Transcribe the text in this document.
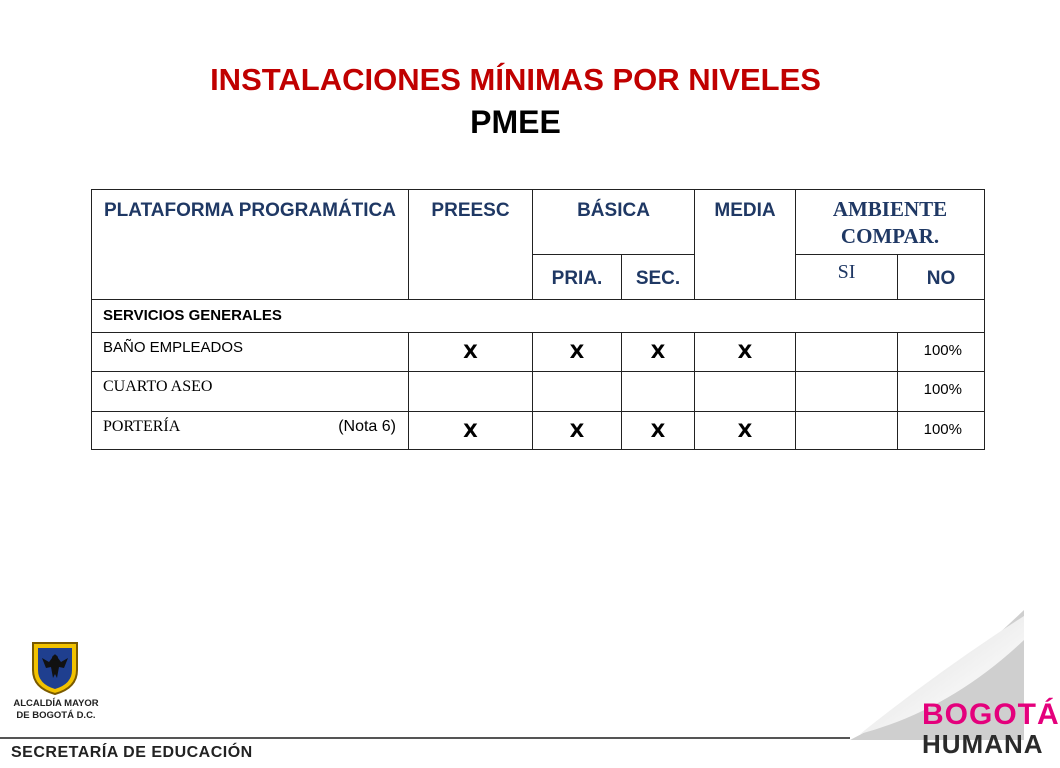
INSTALACIONES MÍNIMAS POR NIVELES
PMEE
PLATAFORMA PROGRAMÁTICA	PREESC	BÁSICA		MEDIA	AMBIENTE COMPAR.	
		PRIA.	SEC.		SI	NO
SERVICIOS GENERALES						
BAÑO EMPLEADOS	X	X	X	X		100%
CUARTO ASEO						100%
PORTERÍA (Nota 6)	X	X	X	X		100%
ALCALDÍA MAYOR DE BOGOTÁ D.C.
SECRETARÍA DE EDUCACIÓN
BOGOTÁ
HUMANA
